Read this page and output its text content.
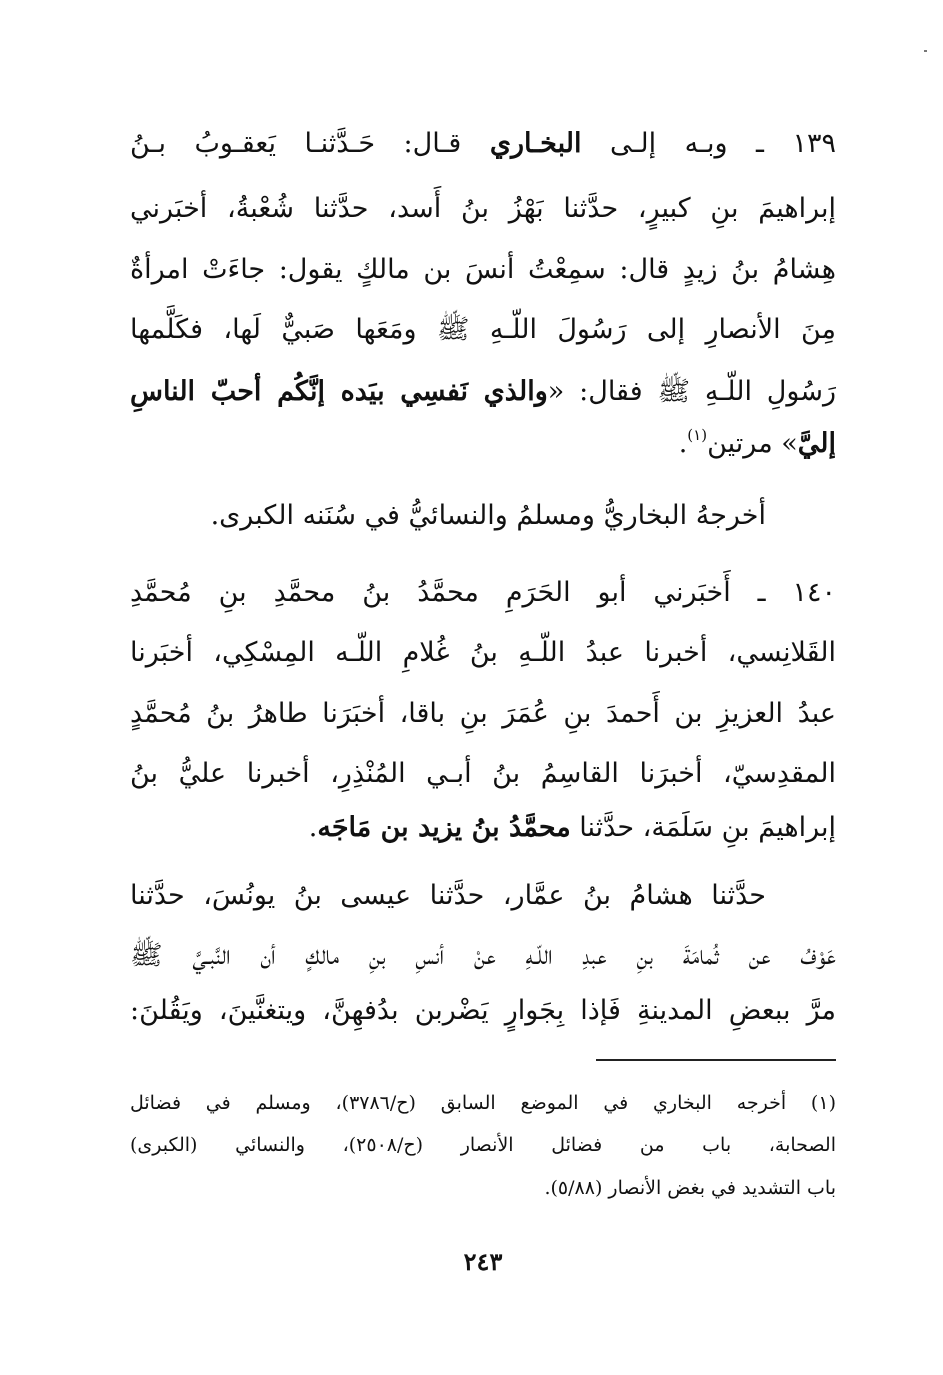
١٣٩ ـ وبـه إلـى البخـاري قـال: حَـدَّثنـا يَعقـوبُ بـنُ
إبراهيمَ بنِ كبيرٍ، حدَّثنا بَهْزُ بنُ أَسد، حدَّثنا شُعْبةُ، أخبَرني
هِشامُ بنُ زيدٍ قال: سمِعْتُ أنسَ بن مالكٍ يقول: جاءَتْ امرأةٌ
مِنَ الأنصارِ إلى رَسُولَ اللّـهِ ﷺ ومَعَها صَبيٌّ لَها، فكَلَّمها
رَسُولِ اللّـهِ ﷺ فقال: «والذي نَفسِي بيَده إنَّكُم أحبّ الناسِ
إليَّ» مرتين$^{(١)}$.
أخرجهُ البخاريُّ ومسلمُ والنسائيُّ في سُنَنه الكبرى.
١٤٠ ـ أَخبَرني أبو الحَرَمِ محمَّدُ بنُ محمَّدِ بنِ مُحمَّدِ
القَلانِسي، أخبرنا عبدُ اللّـهِ بنُ غُلامِ اللّـه المِسْكِي، أخبَرنا
عبدُ العزيزِ بن أَحمدَ بنِ عُمَرَ بنِ باقا، أخبَرَنا طاهرُ بنُ مُحمَّدٍ
المقدِسيّ، أخبرَنا القاسِمُ بنُ أبـي المُنْذِرِ، أخبرنا عليُّ بنُ
إبراهيمَ بنِ سَلَمَة، حدَّثنا محمَّدُ بنُ يزيد بن مَاجَه.
حدَّثنا هشامُ بنُ عمَّار، حدَّثنا عيسى بنُ يونُسَ، حدَّثنا
عَوْفُ عن ثُمامَةَ بنِ عبدِ اللّـهِ عنْ أنسِ بنِ مالكٍ أن النَّبـيَّ ﷺ
مرَّ ببعضِ المدينةِ فَإذا بِجَوارٍ يَضْربن بدُفهِنَّ، ويتغنَّينَ، ويَقُلنَ:
(١) أخرجه البخاري في الموضع السابق (ح/٣٧٨٦)، ومسلم في فضائل
الصحابة، باب من فضائل الأنصار (ح/٢٥٠٨)، والنسائي (الكبرى)
باب التشديد في بغض الأنصار (٥/٨٨).
٢٤٣
